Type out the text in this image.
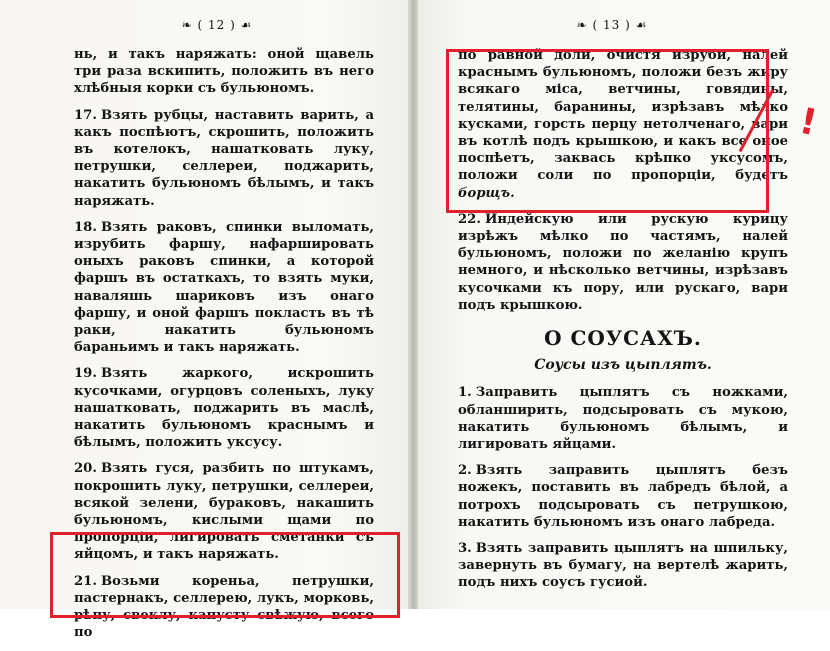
❧ ( 12 ) ☙
нь, и такъ наряжать: оной щавель три раза вскипить, положить въ него хлѣбныя корки съ бульюномъ.
17. Взять рубцы, наставить варить, а какъ поспѣютъ, скрошить, положить въ котелокъ, нашатковать луку, петрушки, селлереи, поджарить, накатить бульюномъ бѣлымъ, и такъ наряжать.
18. Взять раковъ, спинки выломать, изрубить фаршу, нафаршировать оныхъ раковъ спинки, а которой фаршъ въ остаткахъ, то взять муки, наваляшь шариковъ изъ онаго фаршу, и оной фаршъ покласть въ тѣ раки, накатить бульюномъ бараньимъ и такъ наряжать.
19. Взять жаркого, искрошить кусочками, огурцовъ соленыхъ, луку нашатковать, поджарить въ маслѣ, накатить бульюномъ краснымъ и бѣлымъ, положить уксусу.
20. Взять гуся, разбить по штукамъ, покрошить луку, петрушки, селлереи, всякой зелени, бураковъ, накашить бульюномъ, кислыми щами по пропорціи, лигировать сметанки съ яйцомъ, и такъ наряжать.
21. Возьми кореньа, петрушки, пастернакъ, селлерею, лукъ, морковь, рѣпу, свеклу, капусту свѣжую, всего по
❧ ( 13 ) ☙
по равной доли, очистя изруби, налей краснымъ бульюномъ, положи безъ жиру всякаго міса, ветчины, говядины, телятины, баранины, изрѣзавъ мѣлко кусками, горсть перцу нетолченаго, вари въ котлѣ подъ крышкою, и какъ все оное поспѣетъ, заквась крѣпко уксусомъ, положи соли по пропорціи, будетъ борщъ.
22. Индейскую или рускую курицу изрѣжъ мѣлко по частямъ, налей бульюномъ, положи по желанію крупъ немного, и нѣсколько ветчины, изрѣзавъ кусочками къ пору, или рускаго, вари подъ крышкою.
О СОУСАХЪ.
Соусы изъ цыплятъ.
1. Заправить цыплятъ съ ножками, обланширить, подсыровать съ мукою, накатить бульюномъ бѣлымъ, и лигировать яйцами.
2. Взять заправить цыплятъ безъ ножекъ, поставить въ лабредъ бѣлой, а потрохъ подсыровать съ петрушкою, накатить бульюномъ изъ онаго лабреда.
3. Взять заправить цыплятъ на шпильку, завернуть въ бумагу, на вертелѣ жарить, подъ нихъ соусъ гусиой.
!
